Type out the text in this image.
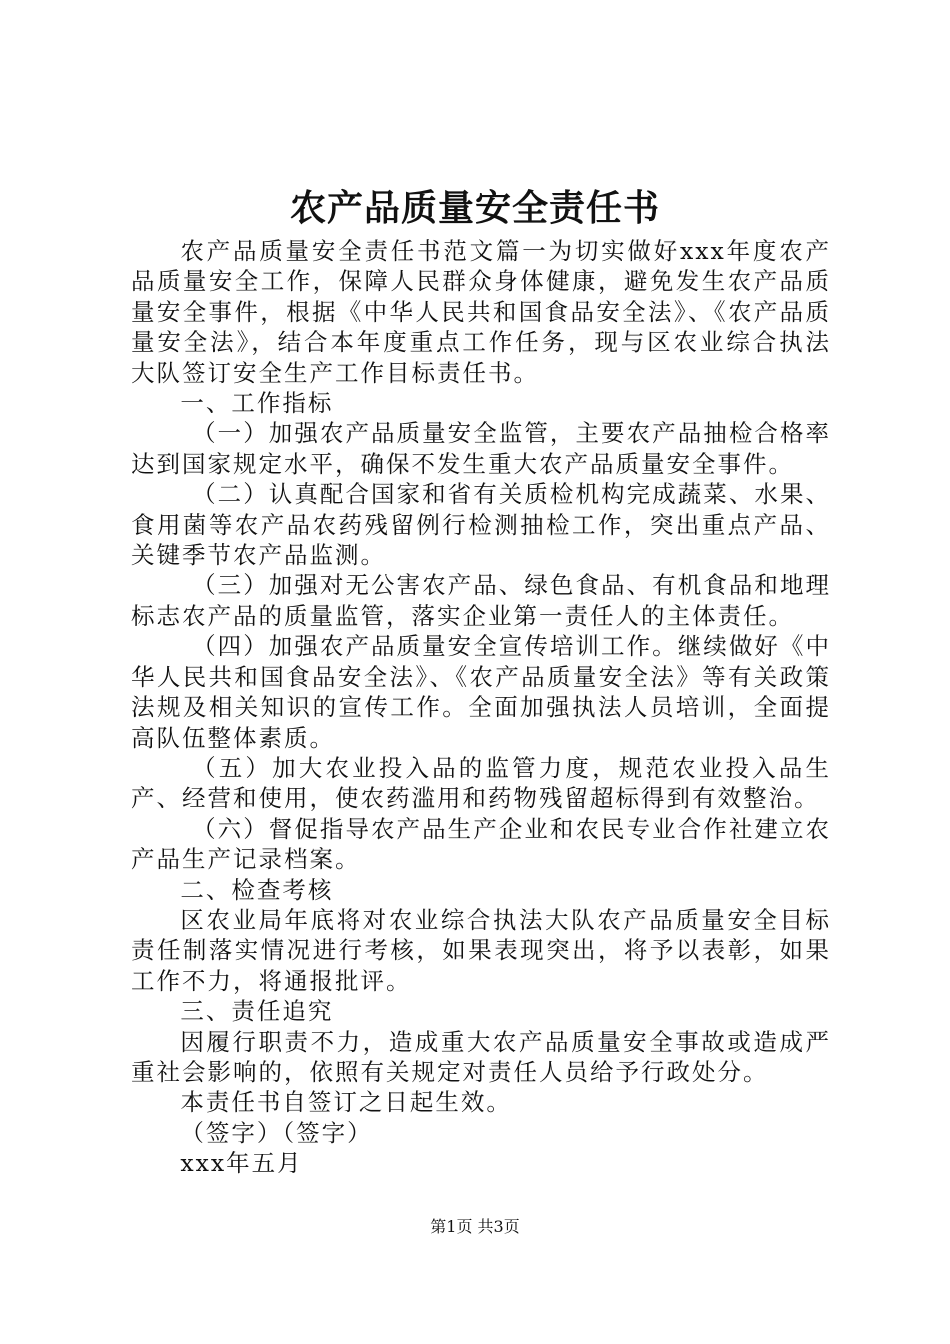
农产品质量安全责任书

农产品质量安全责任书范文篇一为切实做好xxx年度农产品质量安全工作，保障人民群众身体健康，避免发生农产品质量安全事件，根据《中华人民共和国食品安全法》、《农产品质量安全法》，结合本年度重点工作任务，现与区农业综合执法大队签订安全生产工作目标责任书。

一、工作指标

（一）加强农产品质量安全监管，主要农产品抽检合格率达到国家规定水平，确保不发生重大农产品质量安全事件。

（二）认真配合国家和省有关质检机构完成蔬菜、水果、食用菌等农产品农药残留例行检测抽检工作，突出重点产品、关键季节农产品监测。

（三）加强对无公害农产品、绿色食品、有机食品和地理标志农产品的质量监管，落实企业第一责任人的主体责任。

（四）加强农产品质量安全宣传培训工作。继续做好《中华人民共和国食品安全法》、《农产品质量安全法》等有关政策法规及相关知识的宣传工作。全面加强执法人员培训，全面提高队伍整体素质。

（五）加大农业投入品的监管力度，规范农业投入品生产、经营和使用，使农药滥用和药物残留超标得到有效整治。

（六）督促指导农产品生产企业和农民专业合作社建立农产品生产记录档案。

二、检查考核

区农业局年底将对农业综合执法大队农产品质量安全目标责任制落实情况进行考核，如果表现突出，将予以表彰，如果工作不力，将通报批评。

三、责任追究

因履行职责不力，造成重大农产品质量安全事故或造成严重社会影响的，依照有关规定对责任人员给予行政处分。

本责任书自签订之日起生效。

（签字）（签字）

xxx年五月

第1页 共3页
